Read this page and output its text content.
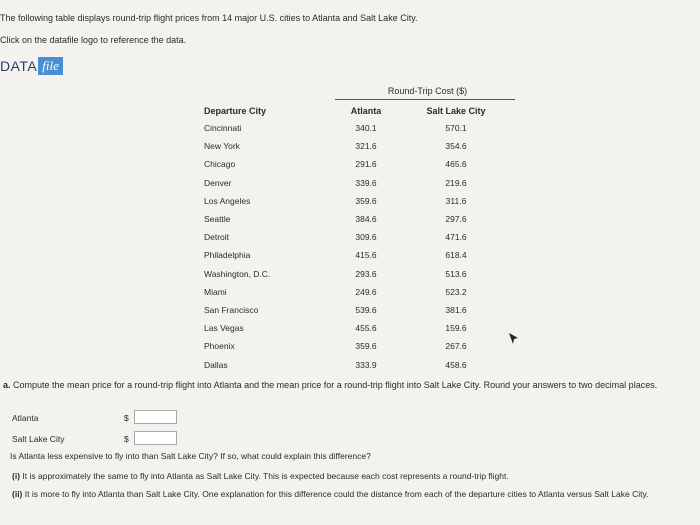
The following table displays round-trip flight prices from 14 major U.S. cities to Atlanta and Salt Lake City.
Click on the datafile logo to reference the data.
DATA file
Round-Trip Cost ($)
Departure City	Atlanta	Salt Lake City
Cincinnati	340.1	570.1
New York	321.6	354.6
Chicago	291.6	465.6
Denver	339.6	219.6
Los Angeles	359.6	311.6
Seattle	384.6	297.6
Detroit	309.6	471.6
Philadelphia	415.6	618.4
Washington, D.C.	293.6	513.6
Miami	249.6	523.2
San Francisco	539.6	381.6
Las Vegas	455.6	159.6
Phoenix	359.6	267.6
Dallas	333.9	458.6
a. Compute the mean price for a round-trip flight into Atlanta and the mean price for a round-trip flight into Salt Lake City. Round your answers to two decimal places.
Atlanta	$
Salt Lake City	$
Is Atlanta less expensive to fly into than Salt Lake City? If so, what could explain this difference?
(i) It is approximately the same to fly into Atlanta as Salt Lake City. This is expected because each cost represents a round-trip flight.
(ii) It is more to fly into Atlanta than Salt Lake City. One explanation for this difference could the distance from each of the departure cities to Atlanta versus Salt Lake City.
